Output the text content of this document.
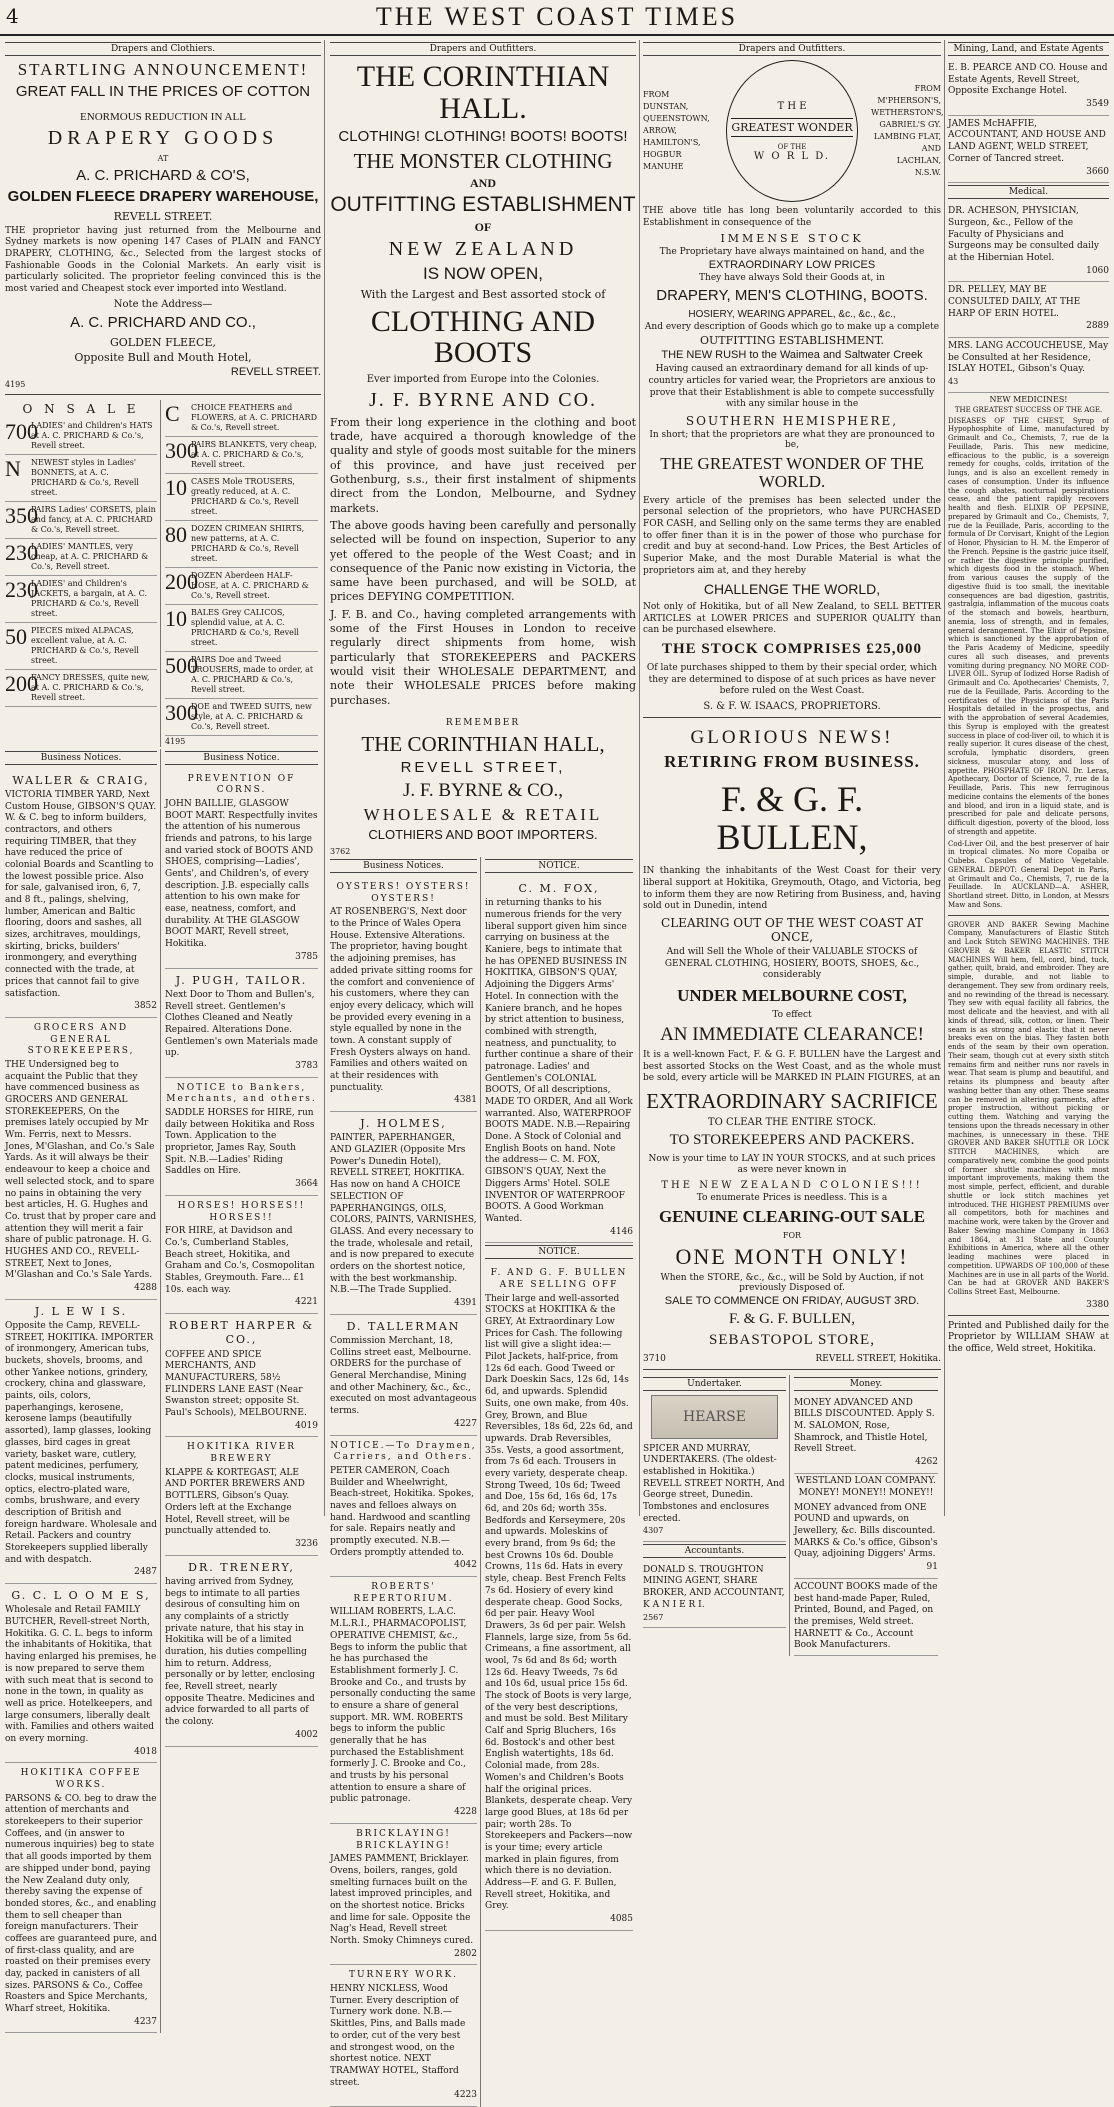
4	THE WEST COAST TIMES
Drapers and Clothiers.
STARTLING ANNOUNCEMENT!
GREAT FALL IN THE PRICES OF COTTON
ENORMOUS REDUCTION IN ALL
DRAPERY GOODS
AT
A. C. PRICHARD & CO'S,
GOLDEN FLEECE DRAPERY WAREHOUSE,
REVELL STREET.
THE proprietor having just returned from the Melbourne and Sydney markets is now opening 147 Cases of PLAIN and FANCY DRAPERY, CLOTHING, &c., Selected from the largest stocks of Fashionable Goods in the Colonial Markets. An early visit is particularly solicited. The proprietor feeling convinced this is the most varied and Cheapest stock ever imported into Westland.
Note the Address—
A. C. PRICHARD AND CO.,
GOLDEN FLEECE,
Opposite Bull and Mouth Hotel,
REVELL STREET.
4195
O N S A L E
700
LADIES' and Children's HATS at A. C. PRICHARD & Co.'s, Revell street.
N	NEWEST styles in Ladies' BONNETS, at A. C. PRICHARD & Co.'s, Revell street.
350
PAIRS Ladies' CORSETS, plain and fancy, at A. C. PRICHARD & Co.'s, Revell street.
230
LADIES' MANTLES, very cheap, at A. C. PRICHARD & Co.'s, Revell street.
230
LADIES' and Children's JACKETS, a bargain, at A. C. PRICHARD & Co.'s, Revell street.
50 PIECES mixed ALPACAS, excellent value, at A. C. PRICHARD & Co.'s, Revell street.
200
FANCY DRESSES, quite new, at A. C. PRICHARD & Co.'s, Revell street.
C	CHOICE FEATHERS and FLOWERS, at A. C. PRICHARD & Co.'s, Revell street.
300
PAIRS BLANKETS, very cheap, at A. C. PRICHARD & Co.'s, Revell street.
10 CASES Mole TROUSERS, greatly reduced, at A. C. PRICHARD & Co.'s, Revell street.
80 DOZEN CRIMEAN SHIRTS, new patterns, at A. C. PRICHARD & Co.'s, Revell street.
200
DOZEN Aberdeen HALF-HOSE, at A. C. PRICHARD & Co.'s, Revell street.
10 BALES Grey CALICOS, splendid value, at A. C. PRICHARD & Co.'s, Revell street.
500
PAIRS Doe and Tweed TROUSERS, made to order, at A. C. PRICHARD & Co.'s, Revell street.
300
DOE and TWEED SUITS, new style, at A. C. PRICHARD & Co.'s, Revell street.
4195
Business Notices.
WALLER & CRAIG,
VICTORIA TIMBER YARD, Next Custom House, GIBSON'S QUAY. W. & C. beg to inform builders, contractors, and others requiring TIMBER, that they have reduced the price of colonial Boards and Scantling to the lowest possible price. Also for sale, galvanised iron, 6, 7, and 8 ft., palings, shelving, lumber, American and Baltic flooring, doors and sashes, all sizes, architraves, mouldings, skirting, bricks, builders' ironmongery, and everything connected with the trade, at prices that cannot fail to give satisfaction.
3852
GROCERS AND GENERAL STOREKEEPERS,
THE Undersigned beg to acquaint the Public that they have commenced business as GROCERS AND GENERAL STOREKEEPERS, On the premises lately occupied by Mr Wm. Ferris, next to Messrs. Jones, M'Glashan, and Co.'s Sale Yards. As it will always be their endeavour to keep a choice and well selected stock, and to spare no pains in obtaining the very best articles, H. G. Hughes and Co. trust that by proper care and attention they will merit a fair share of public patronage. H. G. HUGHES AND CO., REVELL-STREET, Next to Jones, M'Glashan and Co.'s Sale Yards.
4288
J. L E W I S.
Opposite the Camp, REVELL-STREET, HOKITIKA. IMPORTER of ironmongery, American tubs, buckets, shovels, brooms, and other Yankee notions, grindery, crockery, china and glassware, paints, oils, colors, paperhangings, kerosene, kerosene lamps (beautifully assorted), lamp glasses, looking glasses, bird cages in great variety, basket ware, cutlery, patent medicines, perfumery, clocks, musical instruments, optics, electro-plated ware, combs, brushware, and every description of British and foreign hardware. Wholesale and Retail. Packers and country Storekeepers supplied liberally and with despatch.
2487
G. C. L O O M E S,
Wholesale and Retail FAMILY BUTCHER, Revell-street North, Hokitika. G. C. L. begs to inform the inhabitants of Hokitika, that having enlarged his premises, he is now prepared to serve them with such meat that is second to none in the town, in quality as well as price. Hotelkeepers, and large consumers, liberally dealt with. Families and others waited on every morning.
4018
HOKITIKA COFFEE WORKS.
PARSONS & CO. beg to draw the attention of merchants and storekeepers to their superior Coffees, and (in answer to numerous inquiries) beg to state that all goods imported by them are shipped under bond, paying the New Zealand duty only, thereby saving the expense of bonded stores, &c., and enabling them to sell cheaper than foreign manufacturers. Their coffees are guaranteed pure, and of first-class quality, and are roasted on their premises every day, packed in canisters of all sizes. PARSONS & Co., Coffee Roasters and Spice Merchants, Wharf street, Hokitika.
4237
Business Notice.
PREVENTION OF CORNS.
JOHN BAILLIE, GLASGOW BOOT MART. Respectfully invites the attention of his numerous friends and patrons, to his large and varied stock of BOOTS AND SHOES, comprising—Ladies', Gents', and Children's, of every description. J.B. especially calls attention to his own make for ease, neatness, comfort, and durability. At THE GLASGOW BOOT MART, Revell street, Hokitika.
3785
J. PUGH, TAILOR.
Next Door to Thom and Bullen's, Revell street. Gentlemen's Clothes Cleaned and Neatly Repaired. Alterations Done. Gentlemen's own Materials made up.
3783
NOTICE to Bankers, Merchants, and others.
SADDLE HORSES for HIRE, run daily between Hokitika and Ross Town. Application to the proprietor, James Ray, South Spit. N.B.—Ladies' Riding Saddles on Hire.
3664
HORSES! HORSES!! HORSES!!
FOR HIRE, at Davidson and Co.'s, Cumberland Stables, Beach street, Hokitika, and Graham and Co.'s, Cosmopolitan Stables, Greymouth. Fare... £1 10s. each way.
4221
ROBERT HARPER & CO.,
COFFEE AND SPICE MERCHANTS, AND MANUFACTURERS, 58½ FLINDERS LANE EAST (Near Swanston street; opposite St. Paul's Schools), MELBOURNE.
4019
HOKITIKA RIVER BREWERY
KLAPPE & KORTEGAST, ALE AND PORTER BREWERS AND BOTTLERS, Gibson's Quay. Orders left at the Exchange Hotel, Revell street, will be punctually attended to.
3236
DR. TRENERY,
having arrived from Sydney, begs to intimate to all parties desirous of consulting him on any complaints of a strictly private nature, that his stay in Hokitika will be of a limited duration, his duties compelling him to return. Address, personally or by letter, enclosing fee, Revell street, nearly opposite Theatre. Medicines and advice forwarded to all parts of the colony.
4002
Drapers and Outfitters.
THE CORINTHIAN HALL.
CLOTHING! CLOTHING! BOOTS! BOOTS!
THE MONSTER CLOTHING
AND
OUTFITTING ESTABLISHMENT
OF
NEW ZEALAND
IS NOW OPEN,
With the Largest and Best assorted stock of
CLOTHING AND BOOTS
Ever imported from Europe into the Colonies.
J. F. BYRNE AND CO.
From their long experience in the clothing and boot trade, have acquired a thorough knowledge of the quality and style of goods most suitable for the miners of this province, and have just received per Gothenburg, s.s., their first instalment of shipments direct from the London, Melbourne, and Sydney markets.
The above goods having been carefully and personally selected will be found on inspection, Superior to any yet offered to the people of the West Coast; and in consequence of the Panic now existing in Victoria, the same have been purchased, and will be SOLD, at prices DEFYING COMPETITION.
J. F. B. and Co., having completed arrangements with some of the First Houses in London to receive regularly direct shipments from home, wish particularly that STOREKEEPERS and PACKERS would visit their WHOLESALE DEPARTMENT, and note their WHOLESALE PRICES before making purchases.
REMEMBER
THE CORINTHIAN HALL,
REVELL STREET,
J. F. BYRNE & CO.,
WHOLESALE & RETAIL
CLOTHIERS AND BOOT IMPORTERS.
3762
Business Notices.
OYSTERS! OYSTERS! OYSTERS!
AT ROSENBERG'S, Next door to the Prince of Wales Opera House. Extensive Alterations. The proprietor, having bought the adjoining premises, has added private sitting rooms for the comfort and convenience of his customers, where they can enjoy every delicacy, which will be provided every evening in a style equalled by none in the town. A constant supply of Fresh Oysters always on hand. Families and others waited on at their residences with punctuality.
4381
J. HOLMES,
PAINTER, PAPERHANGER, AND GLAZIER (Opposite Mrs Power's Dunedin Hotel), REVELL STREET, HOKITIKA. Has now on hand A CHOICE SELECTION OF PAPERHANGINGS, OILS, COLORS, PAINTS, VARNISHES, GLASS. And every necessary to the trade, wholesale and retail, and is now prepared to execute orders on the shortest notice, with the best workmanship. N.B.—The Trade Supplied.
4391
D. TALLERMAN
Commission Merchant, 18, Collins street east, Melbourne. ORDERS for the purchase of General Merchandise, Mining and other Machinery, &c., &c., executed on most advantageous terms.
4227
NOTICE.—To Draymen, Carriers, and Others.
PETER CAMERON, Coach Builder and Wheelwright, Beach-street, Hokitika. Spokes, naves and felloes always on hand. Hardwood and scantling for sale. Repairs neatly and promptly executed. N.B.—Orders promptly attended to.
4042
ROBERTS' REPERTORIUM.
WILLIAM ROBERTS, L.A.C. M.L.R.I., PHARMACOPOLIST, OPERATIVE CHEMIST, &c., Begs to inform the public that he has purchased the Establishment formerly J. C. Brooke and Co., and trusts by personally conducting the same to ensure a share of general support. MR. WM. ROBERTS begs to inform the public generally that he has purchased the Establishment formerly J. C. Brooke and Co., and trusts by his personal attention to ensure a share of public patronage.
4228
BRICKLAYING! BRICKLAYING!
JAMES PAMMENT, Bricklayer. Ovens, boilers, ranges, gold smelting furnaces built on the latest improved principles, and on the shortest notice. Bricks and lime for sale. Opposite the Nag's Head, Revell street North. Smoky Chimneys cured.
2802
TURNERY WORK.
HENRY NICKLESS, Wood Turner. Every description of Turnery work done. N.B.—Skittles, Pins, and Balls made to order, cut of the very best and strongest wood, on the shortest notice. NEXT TRAMWAY HOTEL, Stafford street.
4223
NOTICE.
C. M. FOX,
in returning thanks to his numerous friends for the very liberal support given him since carrying on business at the Kaniere, begs to intimate that he has OPENED BUSINESS IN HOKITIKA, GIBSON'S QUAY, Adjoining the Diggers Arms' Hotel. In connection with the Kaniere branch, and he hopes by strict attention to business, combined with strength, neatness, and punctuality, to further continue a share of their patronage. Ladies' and Gentlemen's COLONIAL BOOTS, Of all descriptions, MADE TO ORDER, And all Work warranted. Also, WATERPROOF BOOTS MADE. N.B.—Repairing Done. A Stock of Colonial and English Boots on hand. Note the address— C. M. FOX, GIBSON'S QUAY, Next the Diggers Arms' Hotel. SOLE INVENTOR OF WATERPROOF BOOTS. A Good Workman Wanted.
4146
NOTICE.
F. AND G. F. BULLEN ARE SELLING OFF
Their large and well-assorted STOCKS at HOKITIKA & the GREY, At Extraordinary Low Prices for Cash. The following list will give a slight idea:— Pilot Jackets, half-price, from 12s 6d each. Good Tweed or Dark Doeskin Sacs, 12s 6d, 14s 6d, and upwards. Splendid Suits, one own make, from 40s. Grey, Brown, and Blue Reversibles, 18s 6d, 22s 6d, and upwards. Drab Reversibles, 35s. Vests, a good assortment, from 7s 6d each. Trousers in every variety, desperate cheap. Strong Tweed, 10s 6d; Tweed and Doe, 15s 6d, 16s 6d, 17s 6d, and 20s 6d; worth 35s. Bedfords and Kerseymere, 20s and upwards. Moleskins of every brand, from 9s 6d; the best Crowns 10s 6d. Double Crowns, 11s 6d. Hats in every style, cheap. Best French Felts 7s 6d. Hosiery of every kind desperate cheap. Good Socks, 6d per pair. Heavy Wool Drawers, 3s 6d per pair. Welsh Flannels, large size, from 5s 6d. Crimeans, a fine assortment, all wool, 7s 6d and 8s 6d; worth 12s 6d. Heavy Tweeds, 7s 6d and 10s 6d, usual price 15s 6d. The stock of Boots is very large, of the very best descriptions, and must be sold. Best Military Calf and Sprig Bluchers, 16s 6d. Bostock's and other best English watertights, 18s 6d. Colonial made, from 28s. Women's and Children's Boots half the original prices. Blankets, desperate cheap. Very large good Blues, at 18s 6d per pair; worth 28s. To Storekeepers and Packers—now is your time; every article marked in plain figures, from which there is no deviation. Address—F. and G. F. Bullen, Revell street, Hokitika, and Grey.
4085
Drapers and Outfitters.
FROM
DUNSTAN,
QUEENSTOWN,
ARROW,
HAMILTON'S,
HOGBUR
MANUHE
T H E
GREATEST WONDER
OF THE
W O R L D.
FROM
M'PHERSON'S,
WETHERSTON'S,
GABRIEL'S GY.
LAMBING FLAT,
AND
LACHLAN, N.S.W.
THE above title has long been voluntarily accorded to this Establishment in consequence of the
IMMENSE STOCK
The Proprietary have always maintained on hand, and the
EXTRAORDINARY LOW PRICES
They have always Sold their Goods at, in
DRAPERY, MEN'S CLOTHING, BOOTS.
HOSIERY, WEARING APPAREL, &c., &c., &c.,
And every description of Goods which go to make up a complete
OUTFITTING ESTABLISHMENT.
THE NEW RUSH to the Waimea and Saltwater Creek
Having caused an extraordinary demand for all kinds of up-country articles for varied wear, the Proprietors are anxious to prove that their Establishment is able to compete successfully with any similar house in the
SOUTHERN HEMISPHERE,
In short; that the proprietors are what they are pronounced to be,
THE GREATEST WONDER OF THE WORLD.
Every article of the premises has been selected under the personal selection of the proprietors, who have PURCHASED FOR CASH, and Selling only on the same terms they are enabled to offer finer than it is in the power of those who purchase for credit and buy at second-hand. Low Prices, the Best Articles of Superior Make, and the most Durable Material is what the proprietors aim at, and they hereby
CHALLENGE THE WORLD,
Not only of Hokitika, but of all New Zealand, to SELL BETTER ARTICLES at LOWER PRICES and SUPERIOR QUALITY than can be purchased elsewhere.
THE STOCK COMPRISES £25,000
Of late purchases shipped to them by their special order, which they are determined to dispose of at such prices as have never before ruled on the West Coast.
S. & F. W. ISAACS, PROPRIETORS.
GLORIOUS NEWS!
RETIRING FROM BUSINESS.
F. & G. F. BULLEN,
IN thanking the inhabitants of the West Coast for their very liberal support at Hokitika, Greymouth, Otago, and Victoria, beg to inform them they are now Retiring from Business, and, having sold out in Dunedin, intend
CLEARING OUT OF THE WEST COAST AT ONCE,
And will Sell the Whole of their VALUABLE STOCKS of GENERAL CLOTHING, HOSIERY, BOOTS, SHOES, &c., considerably
UNDER MELBOURNE COST,
To effect
AN IMMEDIATE CLEARANCE!
It is a well-known Fact, F. & G. F. BULLEN have the Largest and best assorted Stocks on the West Coast, and as the whole must be sold, every article will be MARKED IN PLAIN FIGURES, at an
EXTRAORDINARY SACRIFICE
TO CLEAR THE ENTIRE STOCK.
TO STOREKEEPERS AND PACKERS.
Now is your time to LAY IN YOUR STOCKS, and at such prices as were never known in
THE NEW ZEALAND COLONIES!!!
To enumerate Prices is needless. This is a
GENUINE CLEARING-OUT SALE
FOR
ONE MONTH ONLY!
When the STORE, &c., &c., will be Sold by Auction, if not previously Disposed of.
SALE TO COMMENCE ON FRIDAY, AUGUST 3RD.
F. & G. F. BULLEN,
SEBASTOPOL STORE,
3710	REVELL STREET, Hokitika.
Undertaker.
HEARSE
SPICER AND MURRAY, UNDERTAKERS. (The oldest-established in Hokitika.) REVELL STREET NORTH, And George street, Dunedin. Tombstones and enclosures erected.
4307
Accountants.
DONALD S. TROUGHTON MINING AGENT, SHARE BROKER, AND ACCOUNTANT, K A N I E R I.
2567
Money.
MONEY ADVANCED AND BILLS DISCOUNTED. Apply S. M. SALOMON, Rose, Shamrock, and Thistle Hotel, Revell Street.
4262
WESTLAND LOAN COMPANY.
MONEY! MONEY!! MONEY!!
MONEY advanced from ONE POUND and upwards, on Jewellery, &c. Bills discounted. MARKS & Co.'s office, Gibson's Quay, adjoining Diggers' Arms.
91
ACCOUNT BOOKS made of the best hand-made Paper, Ruled, Printed, Bound, and Paged, on the premises, Weld street. HARNETT & Co., Account Book Manufacturers.
Mining, Land, and Estate Agents
E. B. PEARCE AND CO. House and Estate Agents, Revell Street, Opposite Exchange Hotel.
3549
JAMES McHAFFIE, ACCOUNTANT, AND HOUSE AND LAND AGENT, WELD STREET, Corner of Tancred street.
3660
Medical.
DR. ACHESON, PHYSICIAN, Surgeon, &c., Fellow of the Faculty of Physicians and Surgeons may be consulted daily at the Hibernian Hotel.
1060
DR. PELLEY, MAY BE CONSULTED DAILY, AT THE HARP OF ERIN HOTEL.
2889
MRS. LANG ACCOUCHEUSE, May be Consulted at her Residence, ISLAY HOTEL, Gibson's Quay.
43
NEW MEDICINES!
THE GREATEST SUCCESS OF THE AGE.
DISEASES OF THE CHEST, Syrup of Hypophosphite of Lime, manufactured by Grimault and Co., Chemists, 7, rue de la Feuillade, Paris. This new medicine, efficacious to the public, is a sovereign remedy for coughs, colds, irritation of the lungs, and is also an excellent remedy in cases of consumption. Under its influence the cough abates, nocturnal perspirations cease, and the patient rapidly recovers health and flesh. ELIXIR OF PEPSINE, prepared by Grimault and Co., Chemists, 7, rue de la Feuillade, Paris, according to the formula of Dr Corvisart, Knight of the Legion of Honor, Physician to H. M. the Emperor of the French. Pepsine is the gastric juice itself, or rather the digestive principle purified, which digests food in the stomach. When from various causes the supply of the digestive fluid is too small, the inevitable consequences are bad digestion, gastritis, gastralgia, inflammation of the mucous coats of the stomach and bowels, heartburn, anemia, loss of strength, and in females, general derangement. The Elixir of Pepsine, which is sanctioned by the approbation of the Paris Academy of Medicine, speedily cures all such diseases, and prevents vomiting during pregnancy. NO MORE COD-LIVER OIL. Syrup of Iodized Horse Radish of Grimault and Co. Apothecaries' Chemists, 7, rue de la Feuillade, Paris. According to the certificates of the Physicians of the Paris Hospitals detailed in the prospectus, and with the approbation of several Academies, this Syrup is employed with the greatest success in place of cod-liver oil, to which it is really superior. It cures disease of the chest, scrofula, lymphatic disorders, green sickness, muscular atony, and loss of appetite. PHOSPHATE OF IRON. Dr. Leras, Apothecary, Doctor of Science, 7, rue de la Feuillade, Paris. This new ferruginous medicine contains the elements of the bones and blood, and iron in a liquid state, and is prescribed for pale and delicate persons, difficult digestion, poverty of the blood, loss of strength and appetite.
Cod-Liver Oil, and the best preserver of hair in tropical climates. No more Copaiba or Cubebs. Capsules of Matico Vegetable. GENERAL DEPOT: General Depot in Paris, at Grimault and Co., Chemists, 7, rue de la Feuillade. In AUCKLAND—A. ASHER, Shortland street. Ditto, in London, at Messrs Maw and Sons.
GROVER AND BAKER Sewing Machine Company, Manufacturers of Elastic Stitch and Lock Stitch SEWING MACHINES. THE GROVER & BAKER ELASTIC STITCH MACHINES Will hem, fell, cord, bind, tuck, gather, quilt, braid, and embroider. They are simple, durable, and not liable to derangement. They sew from ordinary reels, and no rewinding of the thread is necessary. They sew with equal facility all fabrics, the most delicate and the heaviest, and with all kinds of thread, silk, cotton, or linen. Their seam is as strong and elastic that it never breaks even on the bias. They fasten both ends of the seam by their own operation. Their seam, though cut at every sixth stitch remains firm and neither runs nor ravels in wear. That seam is plump and beautiful, and retains its plumpness and beauty after washing better than any other. These seams can be removed in altering garments, after proper instruction, without picking or cutting them. Watching and varying the tensions upon the threads necessary in other machines, is unnecessary in these. THE GROVER AND BAKER SHUTTLE OR LOCK STITCH MACHINES, which are comparatively new, combine the good points of former shuttle machines with most important improvements, making them the most simple, perfect, efficient, and durable shuttle or lock stitch machines yet introduced. THE HIGHEST PREMIUMS over all competitors, both for machines and machine work, were taken by the Grover and Baker Sewing machine Company in 1863 and 1864, at 31 State and County Exhibitions in America, where all the other leading machines were placed in competition. UPWARDS OF 100,000 of these Machines are in use in all parts of the World. Can be had at GROVER AND BAKER'S Collins Street East, Melbourne.
3380
Printed and Published daily for the Proprietor by WILLIAM SHAW at the office, Weld street, Hokitika.
